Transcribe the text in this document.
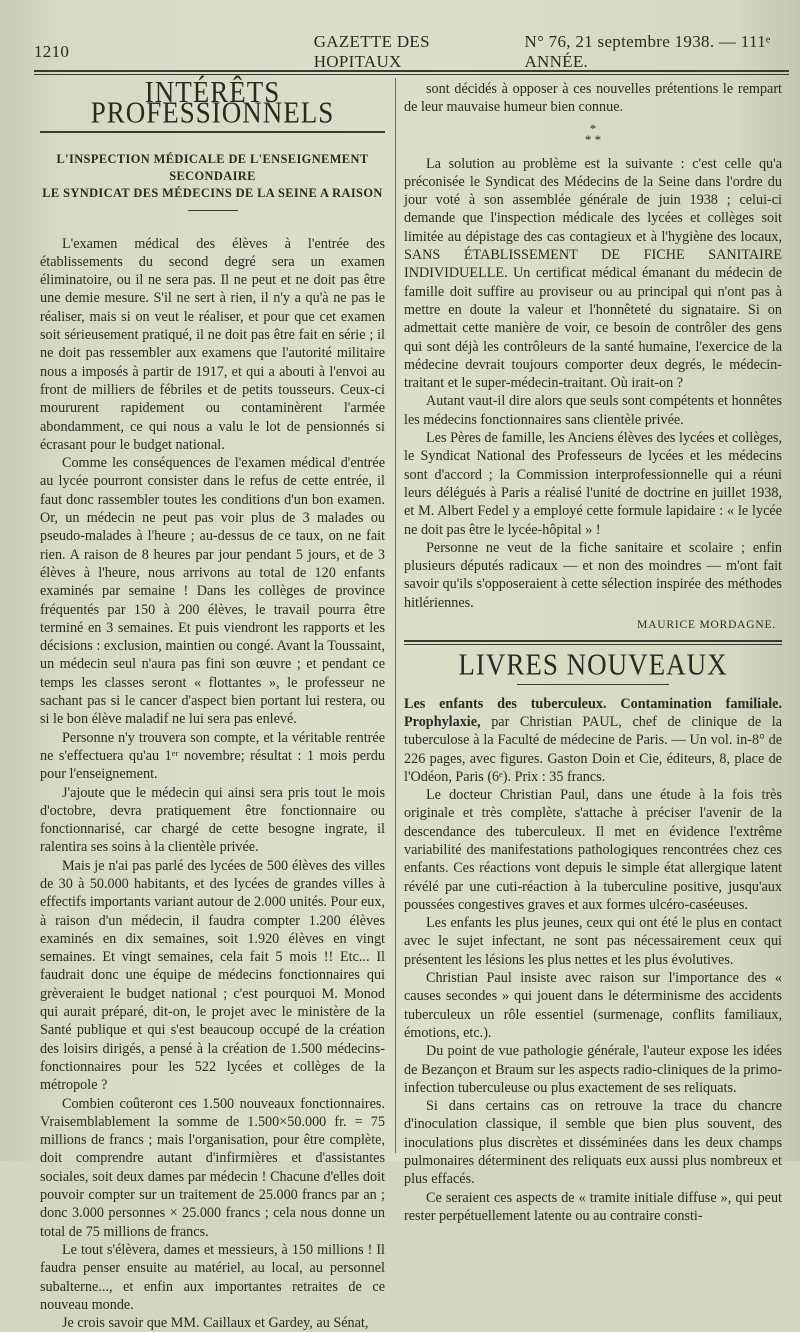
1210
GAZETTE DES HOPITAUX
N° 76, 21 septembre 1938. — 111ᵉ ANNÉE.
INTÉRÊTS PROFESSIONNELS
L'INSPECTION MÉDICALE DE L'ENSEIGNEMENT SECONDAIRE
LE SYNDICAT DES MÉDECINS DE LA SEINE A RAISON

L'examen médical des élèves à l'entrée des établissements du second degré sera un examen éliminatoire, ou il ne sera pas. Il ne peut et ne doit pas être une demie mesure. S'il ne sert à rien, il n'y a qu'à ne pas le réaliser, mais si on veut le réaliser, et pour que cet examen soit sérieusement pratiqué, il ne doit pas être fait en série ; il ne doit pas ressembler aux examens que l'autorité militaire nous a imposés à partir de 1917, et qui a abouti à l'envoi au front de milliers de fébriles et de petits tousseurs. Ceux-ci moururent rapidement ou contaminèrent l'armée abondamment, ce qui nous a valu le lot de pensionnés si écrasant pour le budget national.

Comme les conséquences de l'examen médical d'entrée au lycée pourront consister dans le refus de cette entrée, il faut donc rassembler toutes les conditions d'un bon examen. Or, un médecin ne peut pas voir plus de 3 malades ou pseudo-malades à l'heure ; au-dessus de ce taux, on ne fait rien. A raison de 8 heures par jour pendant 5 jours, et de 3 élèves à l'heure, nous arrivons au total de 120 enfants examinés par semaine ! Dans les collèges de province fréquentés par 150 à 200 élèves, le travail pourra être terminé en 3 semaines. Et puis viendront les rapports et les décisions : exclusion, maintien ou congé. Avant la Toussaint, un médecin seul n'aura pas fini son œuvre ; et pendant ce temps les classes seront « flottantes », le professeur ne sachant pas si le cancer d'aspect bien portant lui restera, ou si le bon élève maladif ne lui sera pas enlevé.

Personne n'y trouvera son compte, et la véritable rentrée ne s'effectuera qu'au 1ᵉʳ novembre; résultat : 1 mois perdu pour l'enseignement.

J'ajoute que le médecin qui ainsi sera pris tout le mois d'octobre, devra pratiquement être fonctionnaire ou fonctionnarisé, car chargé de cette besogne ingrate, il ralentira ses soins à la clientèle privée.

Mais je n'ai pas parlé des lycées de 500 élèves des villes de 30 à 50.000 habitants, et des lycées de grandes villes à effectifs importants variant autour de 2.000 unités. Pour eux, à raison d'un médecin, il faudra compter 1.200 élèves examinés en dix semaines, soit 1.920 élèves en vingt semaines. Et vingt semaines, cela fait 5 mois !! Etc... Il faudrait donc une équipe de médecins fonctionnaires qui grèveraient le budget national ; c'est pourquoi M. Monod qui aurait préparé, dit-on, le projet avec le ministère de la Santé publique et qui s'est beaucoup occupé de la création des loisirs dirigés, a pensé à la création de 1.500 médecins-fonctionnaires pour les 522 lycées et collèges de la métropole ?

Combien coûteront ces 1.500 nouveaux fonctionnaires. Vraisemblablement la somme de 1.500×50.000 fr. = 75 millions de francs ; mais l'organisation, pour être complète, doit comprendre autant d'infirmières et d'assistantes sociales, soit deux dames par médecin ! Chacune d'elles doit pouvoir compter sur un traitement de 25.000 francs par an ; donc 3.000 personnes × 25.000 francs ; cela nous donne un total de 75 millions de francs.

Le tout s'élèvera, dames et messieurs, à 150 millions ! Il faudra penser ensuite au matériel, au local, au personnel subalterne..., et enfin aux importantes retraites de ce nouveau monde.

Je crois savoir que MM. Caillaux et Gardey, au Sénat,

sont décidés à opposer à ces nouvelles prétentions le rempart de leur mauvaise humeur bien connue.

*
* *

La solution au problème est la suivante : c'est celle qu'a préconisée le Syndicat des Médecins de la Seine dans l'ordre du jour voté à son assemblée générale de juin 1938 ; celui-ci demande que l'inspection médicale des lycées et collèges soit limitée au dépistage des cas contagieux et à l'hygiène des locaux, SANS ÉTABLISSEMENT DE FICHE SANITAIRE INDIVIDUELLE. Un certificat médical émanant du médecin de famille doit suffire au proviseur ou au principal qui n'ont pas à mettre en doute la valeur et l'honnêteté du signataire. Si on admettait cette manière de voir, ce besoin de contrôler des gens qui sont déjà les contrôleurs de la santé humaine, l'exercice de la médecine devrait toujours comporter deux degrés, le médecin-traitant et le super-médecin-traitant. Où irait-on ?

Autant vaut-il dire alors que seuls sont compétents et honnêtes les médecins fonctionnaires sans clientèle privée.

Les Pères de famille, les Anciens élèves des lycées et collèges, le Syndicat National des Professeurs de lycées et les médecins sont d'accord ; la Commission interprofessionnelle qui a réuni leurs délégués à Paris a réalisé l'unité de doctrine en juillet 1938, et M. Albert Fedel y a employé cette formule lapidaire : « le lycée ne doit pas être le lycée-hôpital » !

Personne ne veut de la fiche sanitaire et scolaire ; enfin plusieurs députés radicaux — et non des moindres — m'ont fait savoir qu'ils s'opposeraient à cette sélection inspirée des méthodes hitlériennes.

MAURICE MORDAGNE.
LIVRES NOUVEAUX

Les enfants des tuberculeux. Contamination familiale. Prophylaxie, par Christian PAUL, chef de clinique de la tuberculose à la Faculté de médecine de Paris. — Un vol. in-8° de 226 pages, avec figures. Gaston Doin et Cie, éditeurs, 8, place de l'Odéon, Paris (6ᵉ). Prix : 35 francs.

Le docteur Christian Paul, dans une étude à la fois très originale et très complète, s'attache à préciser l'avenir de la descendance des tuberculeux. Il met en évidence l'extrême variabilité des manifestations pathologiques rencontrées chez ces enfants. Ces réactions vont depuis le simple état allergique latent révélé par une cuti-réaction à la tuberculine positive, jusqu'aux poussées congestives graves et aux formes ulcéro-caséeuses.

Les enfants les plus jeunes, ceux qui ont été le plus en contact avec le sujet infectant, ne sont pas nécessairement ceux qui présentent les lésions les plus nettes et les plus évolutives.

Christian Paul insiste avec raison sur l'importance des « causes secondes » qui jouent dans le déterminisme des accidents tuberculeux un rôle essentiel (surmenage, conflits familiaux, émotions, etc.).

Du point de vue pathologie générale, l'auteur expose les idées de Bezançon et Braum sur les aspects radio-cliniques de la primo-infection tuberculeuse ou plus exactement de ses reliquats.

Si dans certains cas on retrouve la trace du chancre d'inoculation classique, il semble que bien plus souvent, des inoculations plus discrètes et disséminées dans les deux champs pulmonaires déterminent des reliquats eux aussi plus nombreux et plus effacés.

Ce seraient ces aspects de « tramite initiale diffuse », qui peut rester perpétuellement latente ou au contraire consti-
